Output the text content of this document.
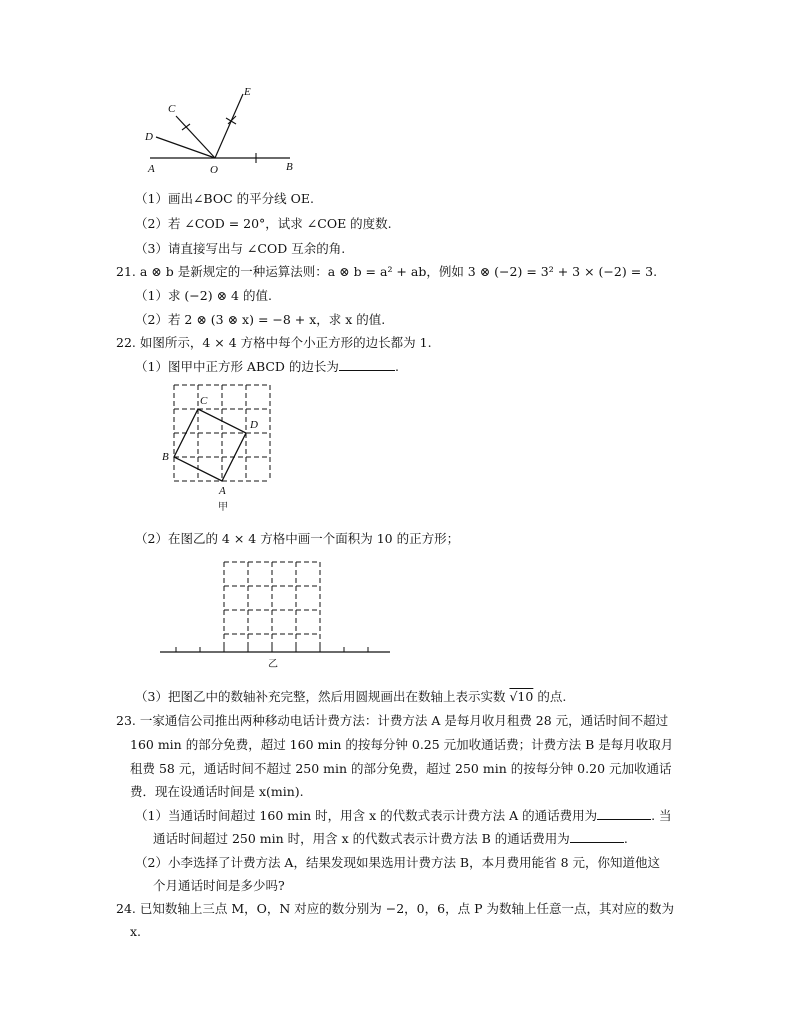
A	B
C
D
E
O
（1）画出∠BOC 的平分线 OE.
（2）若 ∠COD = 20°，试求 ∠COE 的度数.
（3）请直接写出与 ∠COD 互余的角.
21. a ⊗ b 是新规定的一种运算法则：a ⊗ b = a² + ab，例如 3 ⊗ (−2) = 3² + 3 × (−2) = 3.
（1）求 (−2) ⊗ 4 的值.
（2）若 2 ⊗ (3 ⊗ x) = −8 + x，求 x 的值.
22. 如图所示，4 × 4 方格中每个小正方形的边长都为 1.
（1）图甲中正方形 ABCD 的边长为	.
B
C
D
A
甲
（2）在图乙的 4 × 4 方格中画一个面积为 10 的正方形；
乙
（3）把图乙中的数轴补充完整，然后用圆规画出在数轴上表示实数 √10 的点.
23. 一家通信公司推出两种移动电话计费方法：计费方法 A 是每月收月租费 28 元，通话时间不超过
160 min 的部分免费，超过 160 min 的按每分钟 0.25 元加收通话费；计费方法 B 是每月收取月
租费 58 元，通话时间不超过 250 min 的部分免费，超过 250 min 的按每分钟 0.20 元加收通话
费．现在设通话时间是 x(min).
（1）当通话时间超过 160 min 时，用含 x 的代数式表示计费方法 A 的通话费用为	. 当
通话时间超过 250 min 时，用含 x 的代数式表示计费方法 B 的通话费用为	.
（2）小李选择了计费方法 A，结果发现如果选用计费方法 B，本月费用能省 8 元，你知道他这
个月通话时间是多少吗?
24. 已知数轴上三点 M，O，N 对应的数分别为 −2，0，6，点 P 为数轴上任意一点，其对应的数为
x.
